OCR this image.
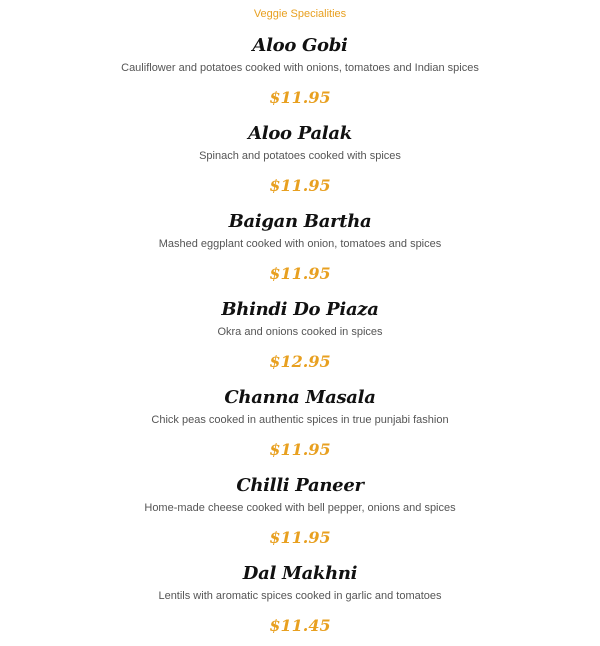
Veggie Specialities
Aloo Gobi
Cauliflower and potatoes cooked with onions, tomatoes and Indian spices
$11.95
Aloo Palak
Spinach and potatoes cooked with spices
$11.95
Baigan Bartha
Mashed eggplant cooked with onion, tomatoes and spices
$11.95
Bhindi Do Piaza
Okra and onions cooked in spices
$12.95
Channa Masala
Chick peas cooked in authentic spices in true punjabi fashion
$11.95
Chilli Paneer
Home-made cheese cooked with bell pepper, onions and spices
$11.95
Dal Makhni
Lentils with aromatic spices cooked in garlic and tomatoes
$11.45
